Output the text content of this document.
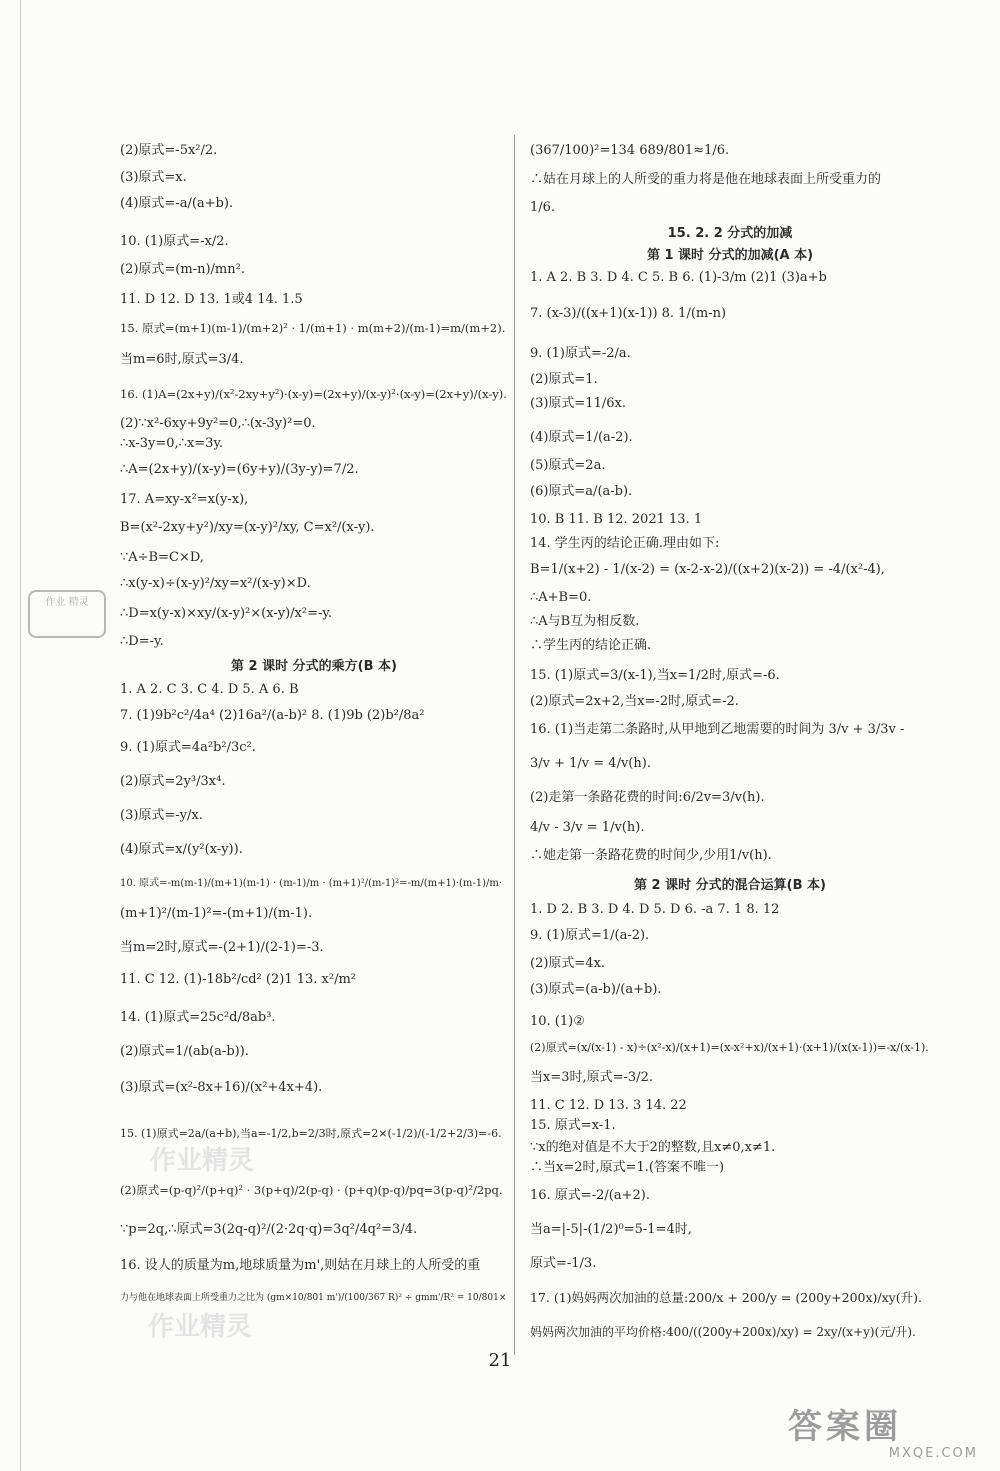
作业 精灵
(2)原式=-5x²/2.
(3)原式=x.
(4)原式=-a/(a+b).
10. (1)原式=-x/2.
(2)原式=(m-n)/mn².
11. D 12. D 13. 1或4 14. 1.5
15. 原式=(m+1)(m-1)/(m+2)² · 1/(m+1) · m(m+2)/(m-1)=m/(m+2).
当m=6时,原式=3/4.
16. (1)A=(2x+y)/(x²-2xy+y²)·(x-y)=(2x+y)/(x-y)²·(x-y)=(2x+y)/(x-y).
(2)∵x²-6xy+9y²=0,∴(x-3y)²=0.
∴x-3y=0,∴x=3y.
∴A=(2x+y)/(x-y)=(6y+y)/(3y-y)=7/2.
17. A=xy-x²=x(y-x),
B=(x²-2xy+y²)/xy=(x-y)²/xy, C=x²/(x-y).
∵A÷B=C×D,
∴x(y-x)÷(x-y)²/xy=x²/(x-y)×D.
∴D=x(y-x)×xy/(x-y)²×(x-y)/x²=-y.
∴D=-y.
1. A 2. C 3. C 4. D 5. A 6. B
7. (1)9b²c²/4a⁴ (2)16a²/(a-b)² 8. (1)9b (2)b²/8a²
9. (1)原式=4a²b²/3c².
(2)原式=2y³/3x⁴.
(3)原式=-y/x.
(4)原式=x/(y²(x-y)).
10. 原式=-m(m-1)/(m+1)(m-1) · (m-1)/m · (m+1)²/(m-1)²=-m/(m+1)·(m-1)/m·
(m+1)²/(m-1)²=-(m+1)/(m-1).
当m=2时,原式=-(2+1)/(2-1)=-3.
11. C 12. (1)-18b²/cd² (2)1 13. x²/m²
14. (1)原式=25c²d/8ab³.
(2)原式=1/(ab(a-b)).
(3)原式=(x²-8x+16)/(x²+4x+4).
15. (1)原式=2a/(a+b),当a=-1/2,b=2/3时,原式=2×(-1/2)/(-1/2+2/3)=-6.
(2)原式=(p-q)²/(p+q)² · 3(p+q)/2(p-q) · (p+q)(p-q)/pq=3(p-q)²/2pq.
∵p=2q,∴原式=3(2q-q)²/(2·2q·q)=3q²/4q²=3/4.
16. 设人的质量为m,地球质量为m',则姑在月球上的人所受的重
力与他在地球表面上所受重力之比为 (gm×10/801 m')/(100/367 R)² ÷ gmm'/R² = 10/801×
第 2 课时 分式的乘方(B 本)
(367/100)²=134 689/801≈1/6.
∴姑在月球上的人所受的重力将是他在地球表面上所受重力的
1/6.
1. A 2. B 3. D 4. C 5. B 6. (1)-3/m (2)1 (3)a+b
7. (x-3)/((x+1)(x-1)) 8. 1/(m-n)
9. (1)原式=-2/a.
(2)原式=1.
(3)原式=11/6x.
(4)原式=1/(a-2).
(5)原式=2a.
(6)原式=a/(a-b).
10. B 11. B 12. 2021 13. 1
14. 学生丙的结论正确.理由如下:
B=1/(x+2) - 1/(x-2) = (x-2-x-2)/((x+2)(x-2)) = -4/(x²-4),
∴A+B=0.
∴A与B互为相反数.
∴学生丙的结论正确.
15. (1)原式=3/(x-1),当x=1/2时,原式=-6.
(2)原式=2x+2,当x=-2时,原式=-2.
16. (1)当走第二条路时,从甲地到乙地需要的时间为 3/v + 3/3v -
3/v + 1/v = 4/v(h).
(2)走第一条路花费的时间:6/2v=3/v(h).
4/v - 3/v = 1/v(h).
∴她走第一条路花费的时间少,少用1/v(h).
1. D 2. B 3. D 4. D 5. D 6. -a 7. 1 8. 12
9. (1)原式=1/(a-2).
(2)原式=4x.
(3)原式=(a-b)/(a+b).
10. (1)②
(2)原式=(x/(x-1) - x)÷(x²-x)/(x+1)=(x-x²+x)/(x+1)·(x+1)/(x(x-1))=-x/(x-1).
当x=3时,原式=-3/2.
11. C 12. D 13. 3 14. 22
15. 原式=x-1.
∵x的绝对值是不大于2的整数,且x≠0,x≠1.
∴当x=2时,原式=1.(答案不唯一)
16. 原式=-2/(a+2).
当a=|-5|-(1/2)⁰=5-1=4时,
原式=-1/3.
17. (1)妈妈两次加油的总量:200/x + 200/y = (200y+200x)/xy(升).
妈妈两次加油的平均价格:400/((200y+200x)/xy) = 2xy/(x+y)(元/升).
15. 2. 2 分式的加减
第 1 课时 分式的加减(A 本)
第 2 课时 分式的混合运算(B 本)
作业精灵
作业精灵
21
答案圈
MXQE.COM
